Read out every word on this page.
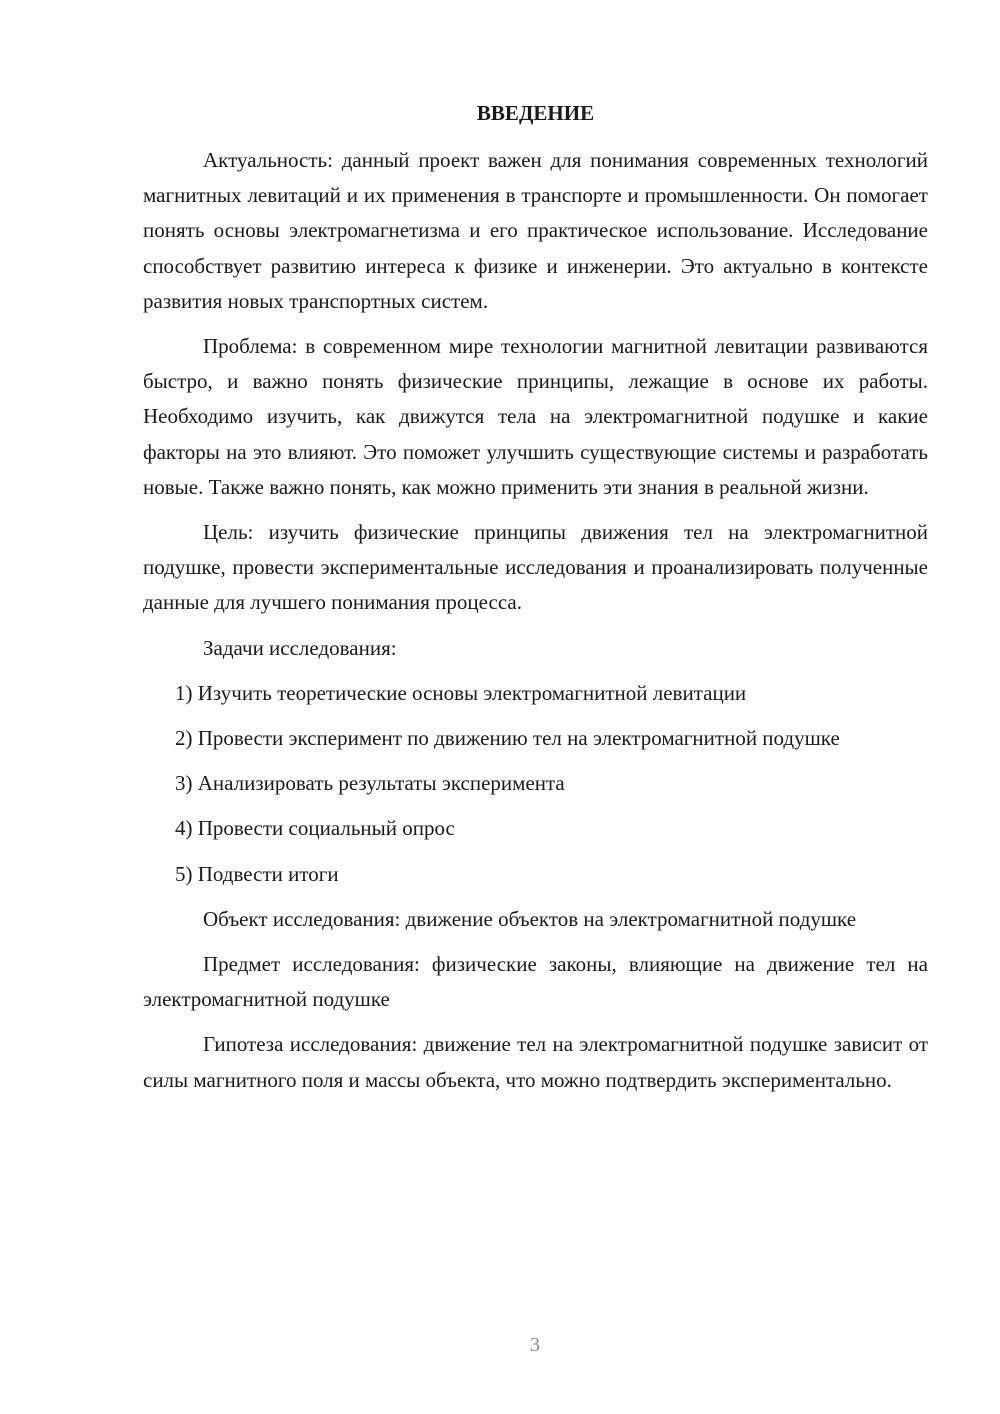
ВВЕДЕНИЕ

Актуальность: данный проект важен для понимания современных технологий магнитных левитаций и их применения в транспорте и промышленности. Он помогает понять основы электромагнетизма и его практическое использование. Исследование способствует развитию интереса к физике и инженерии. Это актуально в контексте развития новых транспортных систем.

Проблема: в современном мире технологии магнитной левитации развиваются быстро, и важно понять физические принципы, лежащие в основе их работы. Необходимо изучить, как движутся тела на электромагнитной подушке и какие факторы на это влияют. Это поможет улучшить существующие системы и разработать новые. Также важно понять, как можно применить эти знания в реальной жизни.

Цель: изучить физические принципы движения тел на электромагнитной подушке, провести экспериментальные исследования и проанализировать полученные данные для лучшего понимания процесса.

Задачи исследования:

1) Изучить теоретические основы электромагнитной левитации

2) Провести эксперимент по движению тел на электромагнитной подушке

3) Анализировать результаты эксперимента

4) Провести социальный опрос

5) Подвести итоги

Объект исследования: движение объектов на электромагнитной подушке

Предмет исследования: физические законы, влияющие на движение тел на электромагнитной подушке

Гипотеза исследования: движение тел на электромагнитной подушке зависит от силы магнитного поля и массы объекта, что можно подтвердить экспериментально.

3
